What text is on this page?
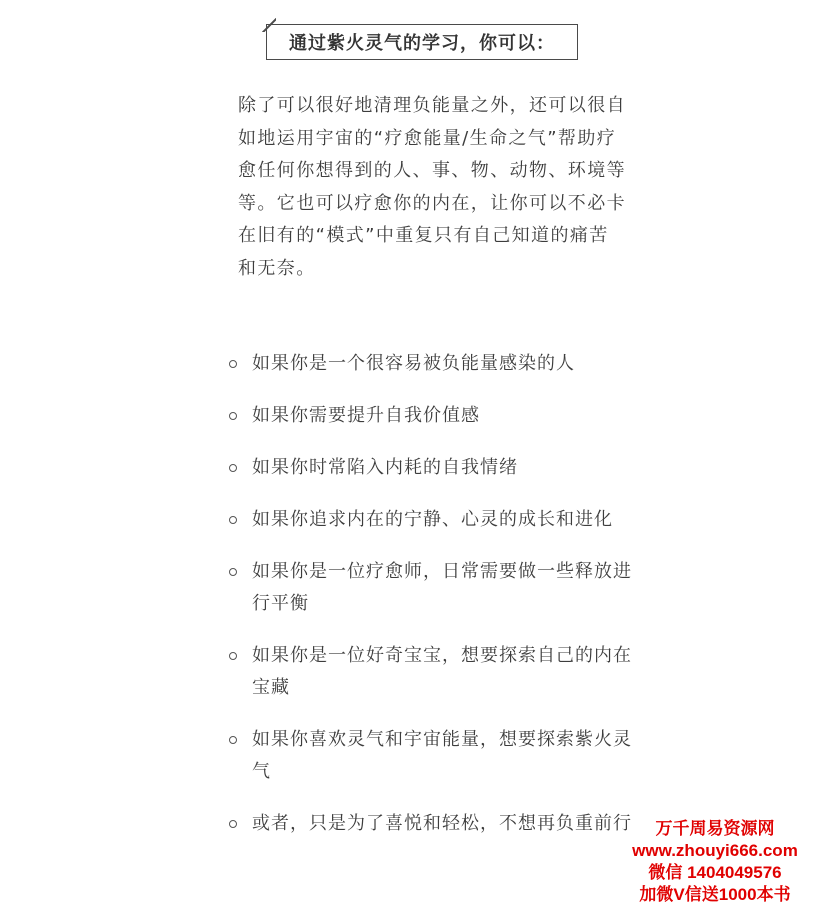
通过紫火灵气的学习，你可以：
除了可以很好地清理负能量之外，还可以很自如地运用宇宙的“疗愈能量/生命之气”帮助疗愈任何你想得到的人、事、物、动物、环境等等。它也可以疗愈你的内在，让你可以不必卡在旧有的“模式”中重复只有自己知道的痛苦和无奈。
如果你是一个很容易被负能量感染的人
如果你需要提升自我价值感
如果你时常陷入内耗的自我情绪
如果你追求内在的宁静、心灵的成长和进化
如果你是一位疗愈师，日常需要做一些释放进行平衡
如果你是一位好奇宝宝，想要探索自己的内在宝藏
如果你喜欢灵气和宇宙能量，想要探索紫火灵气
或者，只是为了喜悦和轻松，不想再负重前行	万千周易资源网
www.zhouyi666.com
微信 1404049576
加微V信送1000本书
